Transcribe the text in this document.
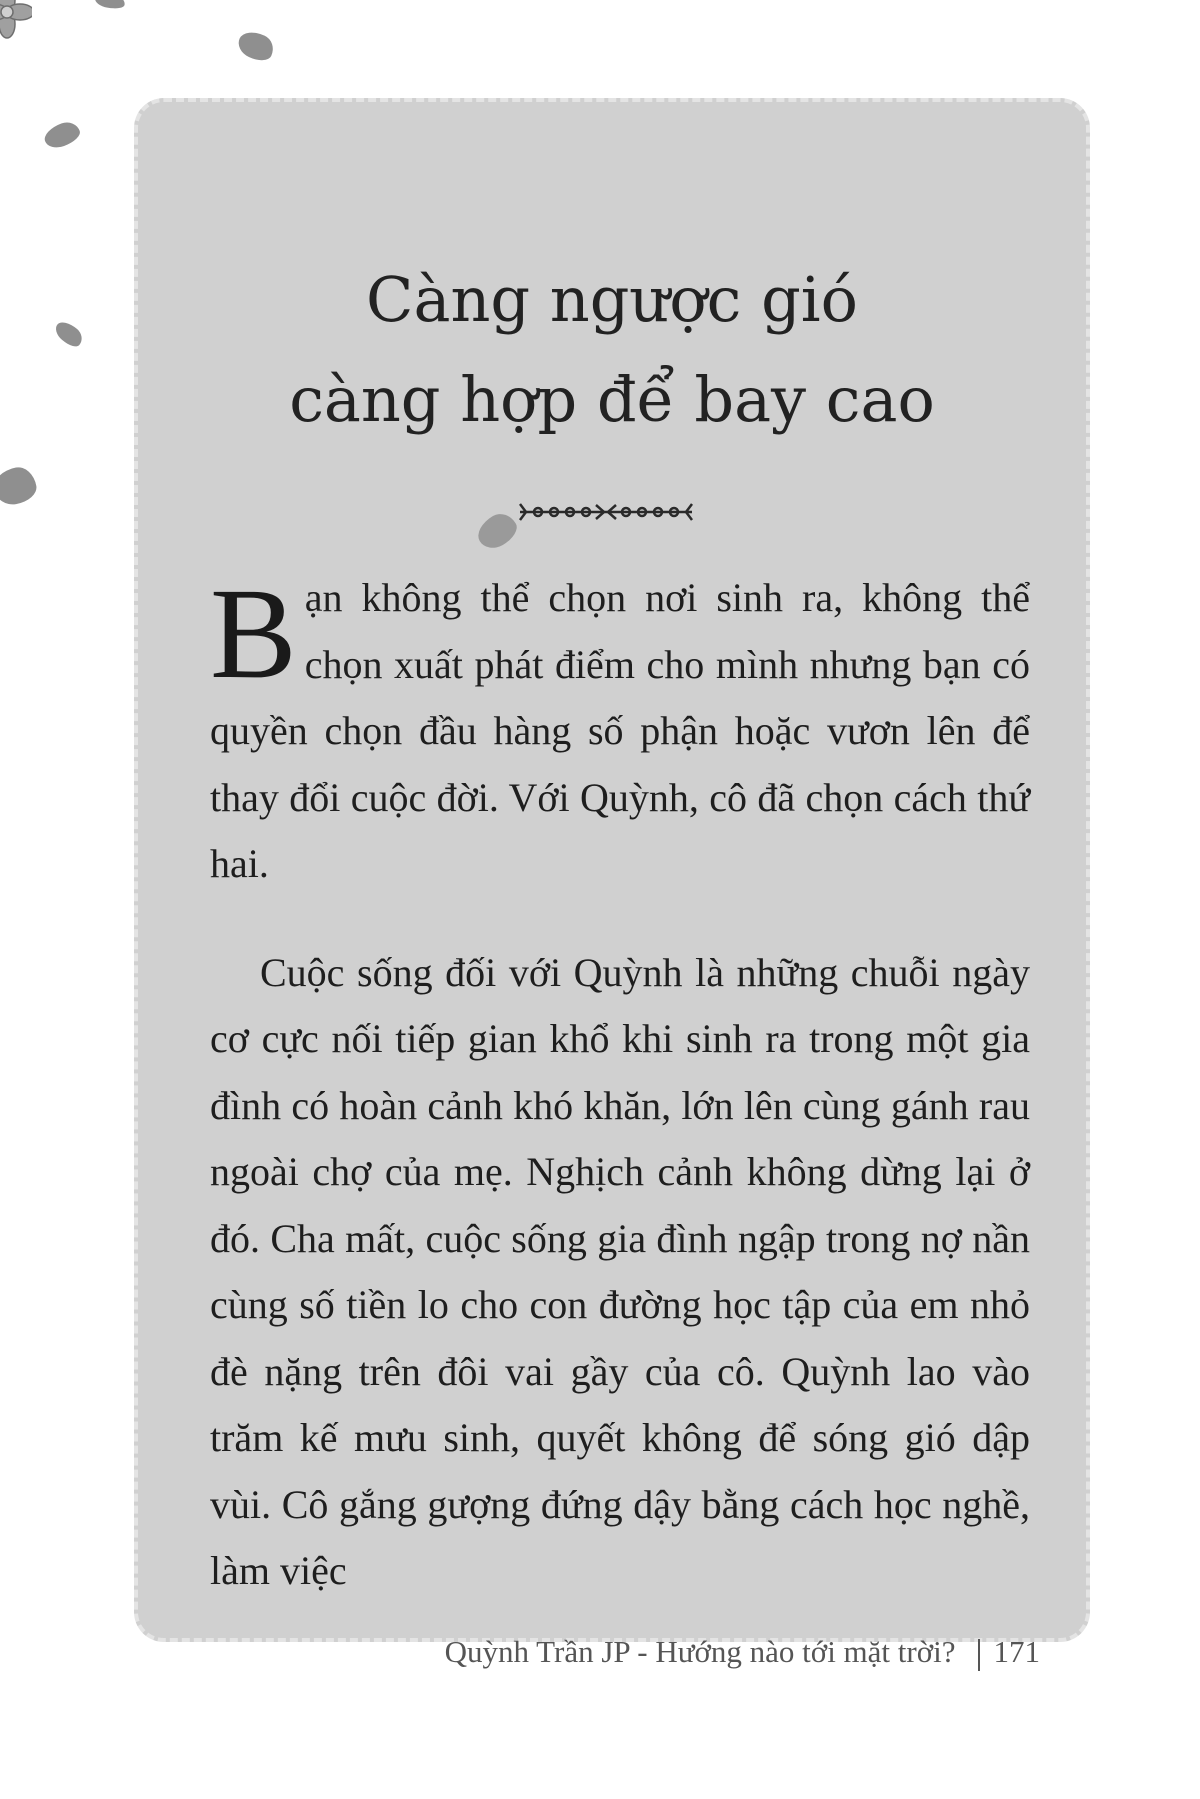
Càng ngược gió
càng hợp để bay cao

Bạn không thể chọn nơi sinh ra, không thể chọn xuất phát điểm cho mình nhưng bạn có quyền chọn đầu hàng số phận hoặc vươn lên để thay đổi cuộc đời. Với Quỳnh, cô đã chọn cách thứ hai.

Cuộc sống đối với Quỳnh là những chuỗi ngày cơ cực nối tiếp gian khổ khi sinh ra trong một gia đình có hoàn cảnh khó khăn, lớn lên cùng gánh rau ngoài chợ của mẹ. Nghịch cảnh không dừng lại ở đó. Cha mất, cuộc sống gia đình ngập trong nợ nần cùng số tiền lo cho con đường học tập của em nhỏ đè nặng trên đôi vai gầy của cô. Quỳnh lao vào trăm kế mưu sinh, quyết không để sóng gió dập vùi. Cô gắng gượng đứng dậy bằng cách học nghề, làm việc

Quỳnh Trần JP - Hướng nào tới mặt trời? 171
